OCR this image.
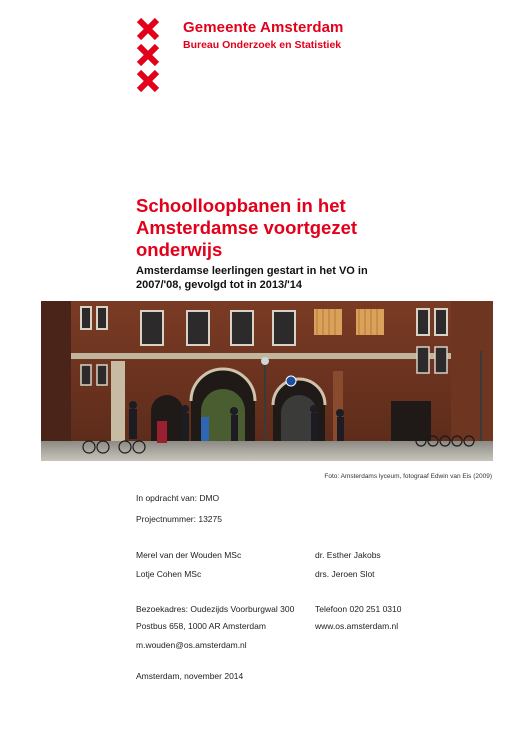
Gemeente Amsterdam
Bureau Onderzoek en Statistiek
Schoolloopbanen in het
Amsterdamse voortgezet
onderwijs
Amsterdamse leerlingen gestart in het VO in
2007/'08, gevolgd tot in 2013/'14
Foto: Amsterdams lyceum, fotograaf Edwin van Eis (2009)
In opdracht van: DMO
Projectnummer: 13275
Merel van der Wouden MSc
Lotje Cohen MSc
dr. Esther Jakobs
drs. Jeroen Slot
Bezoekadres: Oudezijds Voorburgwal 300
Postbus 658, 1000 AR Amsterdam
m.wouden@os.amsterdam.nl
Telefoon 020 251 0310
www.os.amsterdam.nl
Amsterdam, november 2014
